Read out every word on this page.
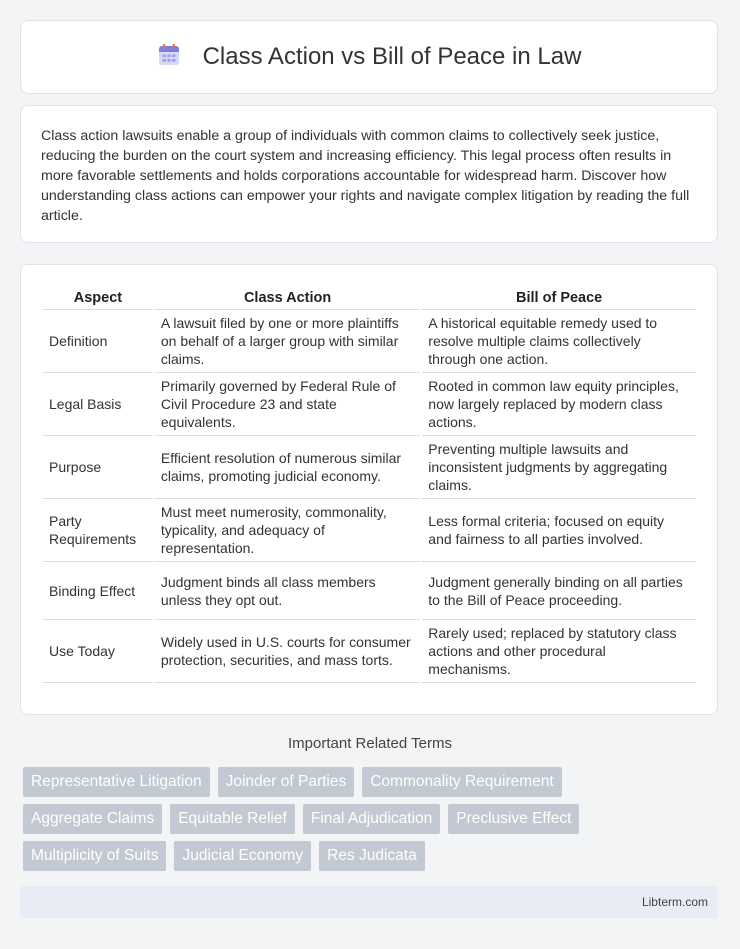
Class Action vs Bill of Peace in Law

Class action lawsuits enable a group of individuals with common claims to collectively seek justice, reducing the burden on the court system and increasing efficiency. This legal process often results in more favorable settlements and holds corporations accountable for widespread harm. Discover how understanding class actions can empower your rights and navigate complex litigation by reading the full article.

Aspect	Class Action	Bill of Peace
Definition	A lawsuit filed by one or more plaintiffs on behalf of a larger group with similar claims.	A historical equitable remedy used to resolve multiple claims collectively through one action.
Legal Basis	Primarily governed by Federal Rule of Civil Procedure 23 and state equivalents.	Rooted in common law equity principles, now largely replaced by modern class actions.
Purpose	Efficient resolution of numerous similar claims, promoting judicial economy.	Preventing multiple lawsuits and inconsistent judgments by aggregating claims.
Party Requirements	Must meet numerosity, commonality, typicality, and adequacy of representation.	Less formal criteria; focused on equity and fairness to all parties involved.
Binding Effect	Judgment binds all class members unless they opt out.	Judgment generally binding on all parties to the Bill of Peace proceeding.
Use Today	Widely used in U.S. courts for consumer protection, securities, and mass torts.	Rarely used; replaced by statutory class actions and other procedural mechanisms.
Important Related Terms
Representative Litigation	Joinder of Parties	Commonality Requirement
Aggregate Claims	Equitable Relief	Final Adjudication	Preclusive Effect
Multiplicity of Suits	Judicial Economy	Res Judicata
Libterm.com
